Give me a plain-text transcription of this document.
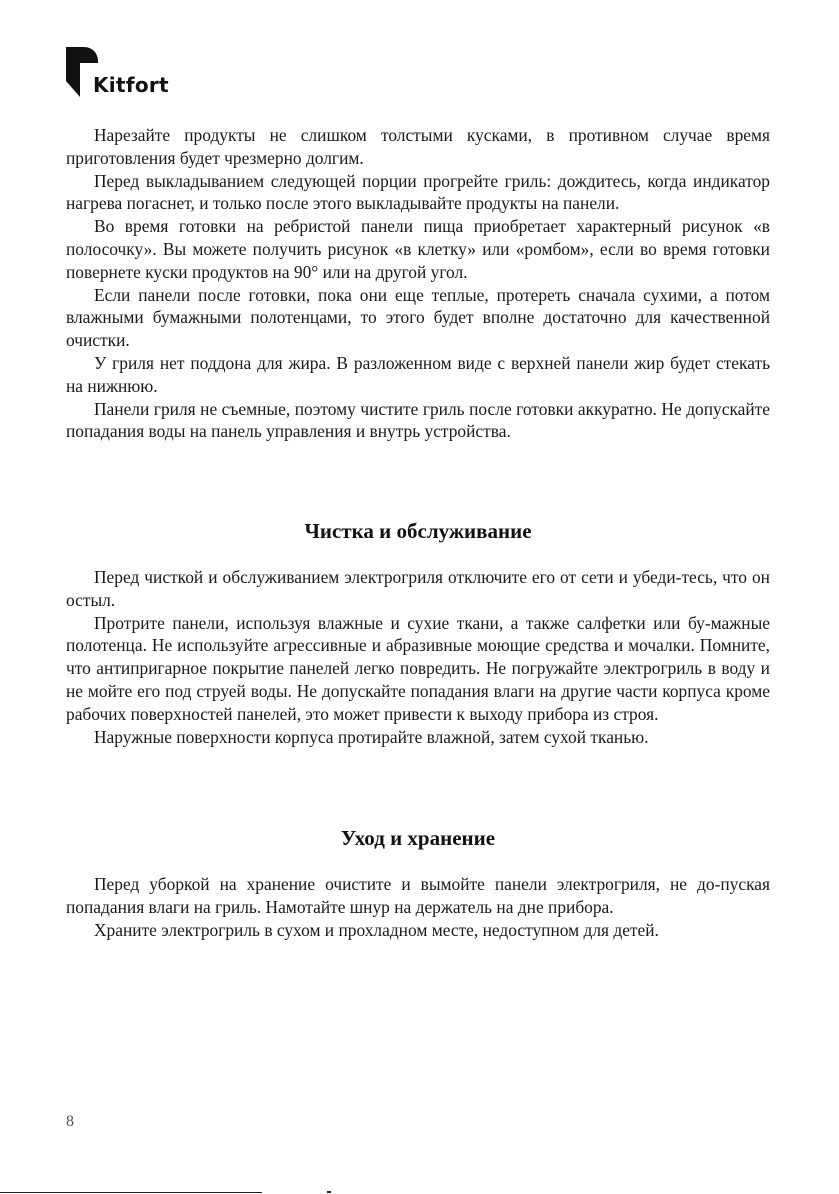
Kitfort

Нарезайте продукты не слишком толстыми кусками, в противном случае время приготовления будет чрезмерно долгим.

Перед выкладыванием следующей порции прогрейте гриль: дождитесь, когда индикатор нагрева погаснет, и только после этого выкладывайте продукты на панели.

Во время готовки на ребристой панели пища приобретает характерный рисунок «в полосочку». Вы можете получить рисунок «в клетку» или «ромбом», если во время готовки повернете куски продуктов на 90° или на другой угол.

Если панели после готовки, пока они еще теплые, протереть сначала сухими, а потом влажными бумажными полотенцами, то этого будет вполне достаточно для качественной очистки.

У гриля нет поддона для жира. В разложенном виде с верхней панели жир будет стекать на нижнюю.

Панели гриля не съемные, поэтому чистите гриль после готовки аккуратно. Не допускайте попадания воды на панель управления и внутрь устройства.

Чистка и обслуживание

Перед чисткой и обслуживанием электрогриля отключите его от сети и убеди-тесь, что он остыл.

Протрите панели, используя влажные и сухие ткани, а также салфетки или бу-мажные полотенца. Не используйте агрессивные и абразивные моющие средства и мочалки. Помните, что антипригарное покрытие панелей легко повредить. Не погружайте электрогриль в воду и не мойте его под струей воды. Не допускайте попадания влаги на другие части корпуса кроме рабочих поверхностей панелей, это может привести к выходу прибора из строя.

Наружные поверхности корпуса протирайте влажной, затем сухой тканью.

Уход и хранение

Перед уборкой на хранение очистите и вымойте панели электрогриля, не до-пуская попадания влаги на гриль. Намотайте шнур на держатель на дне прибора.

Храните электрогриль в сухом и прохладном месте, недоступном для детей.

8
